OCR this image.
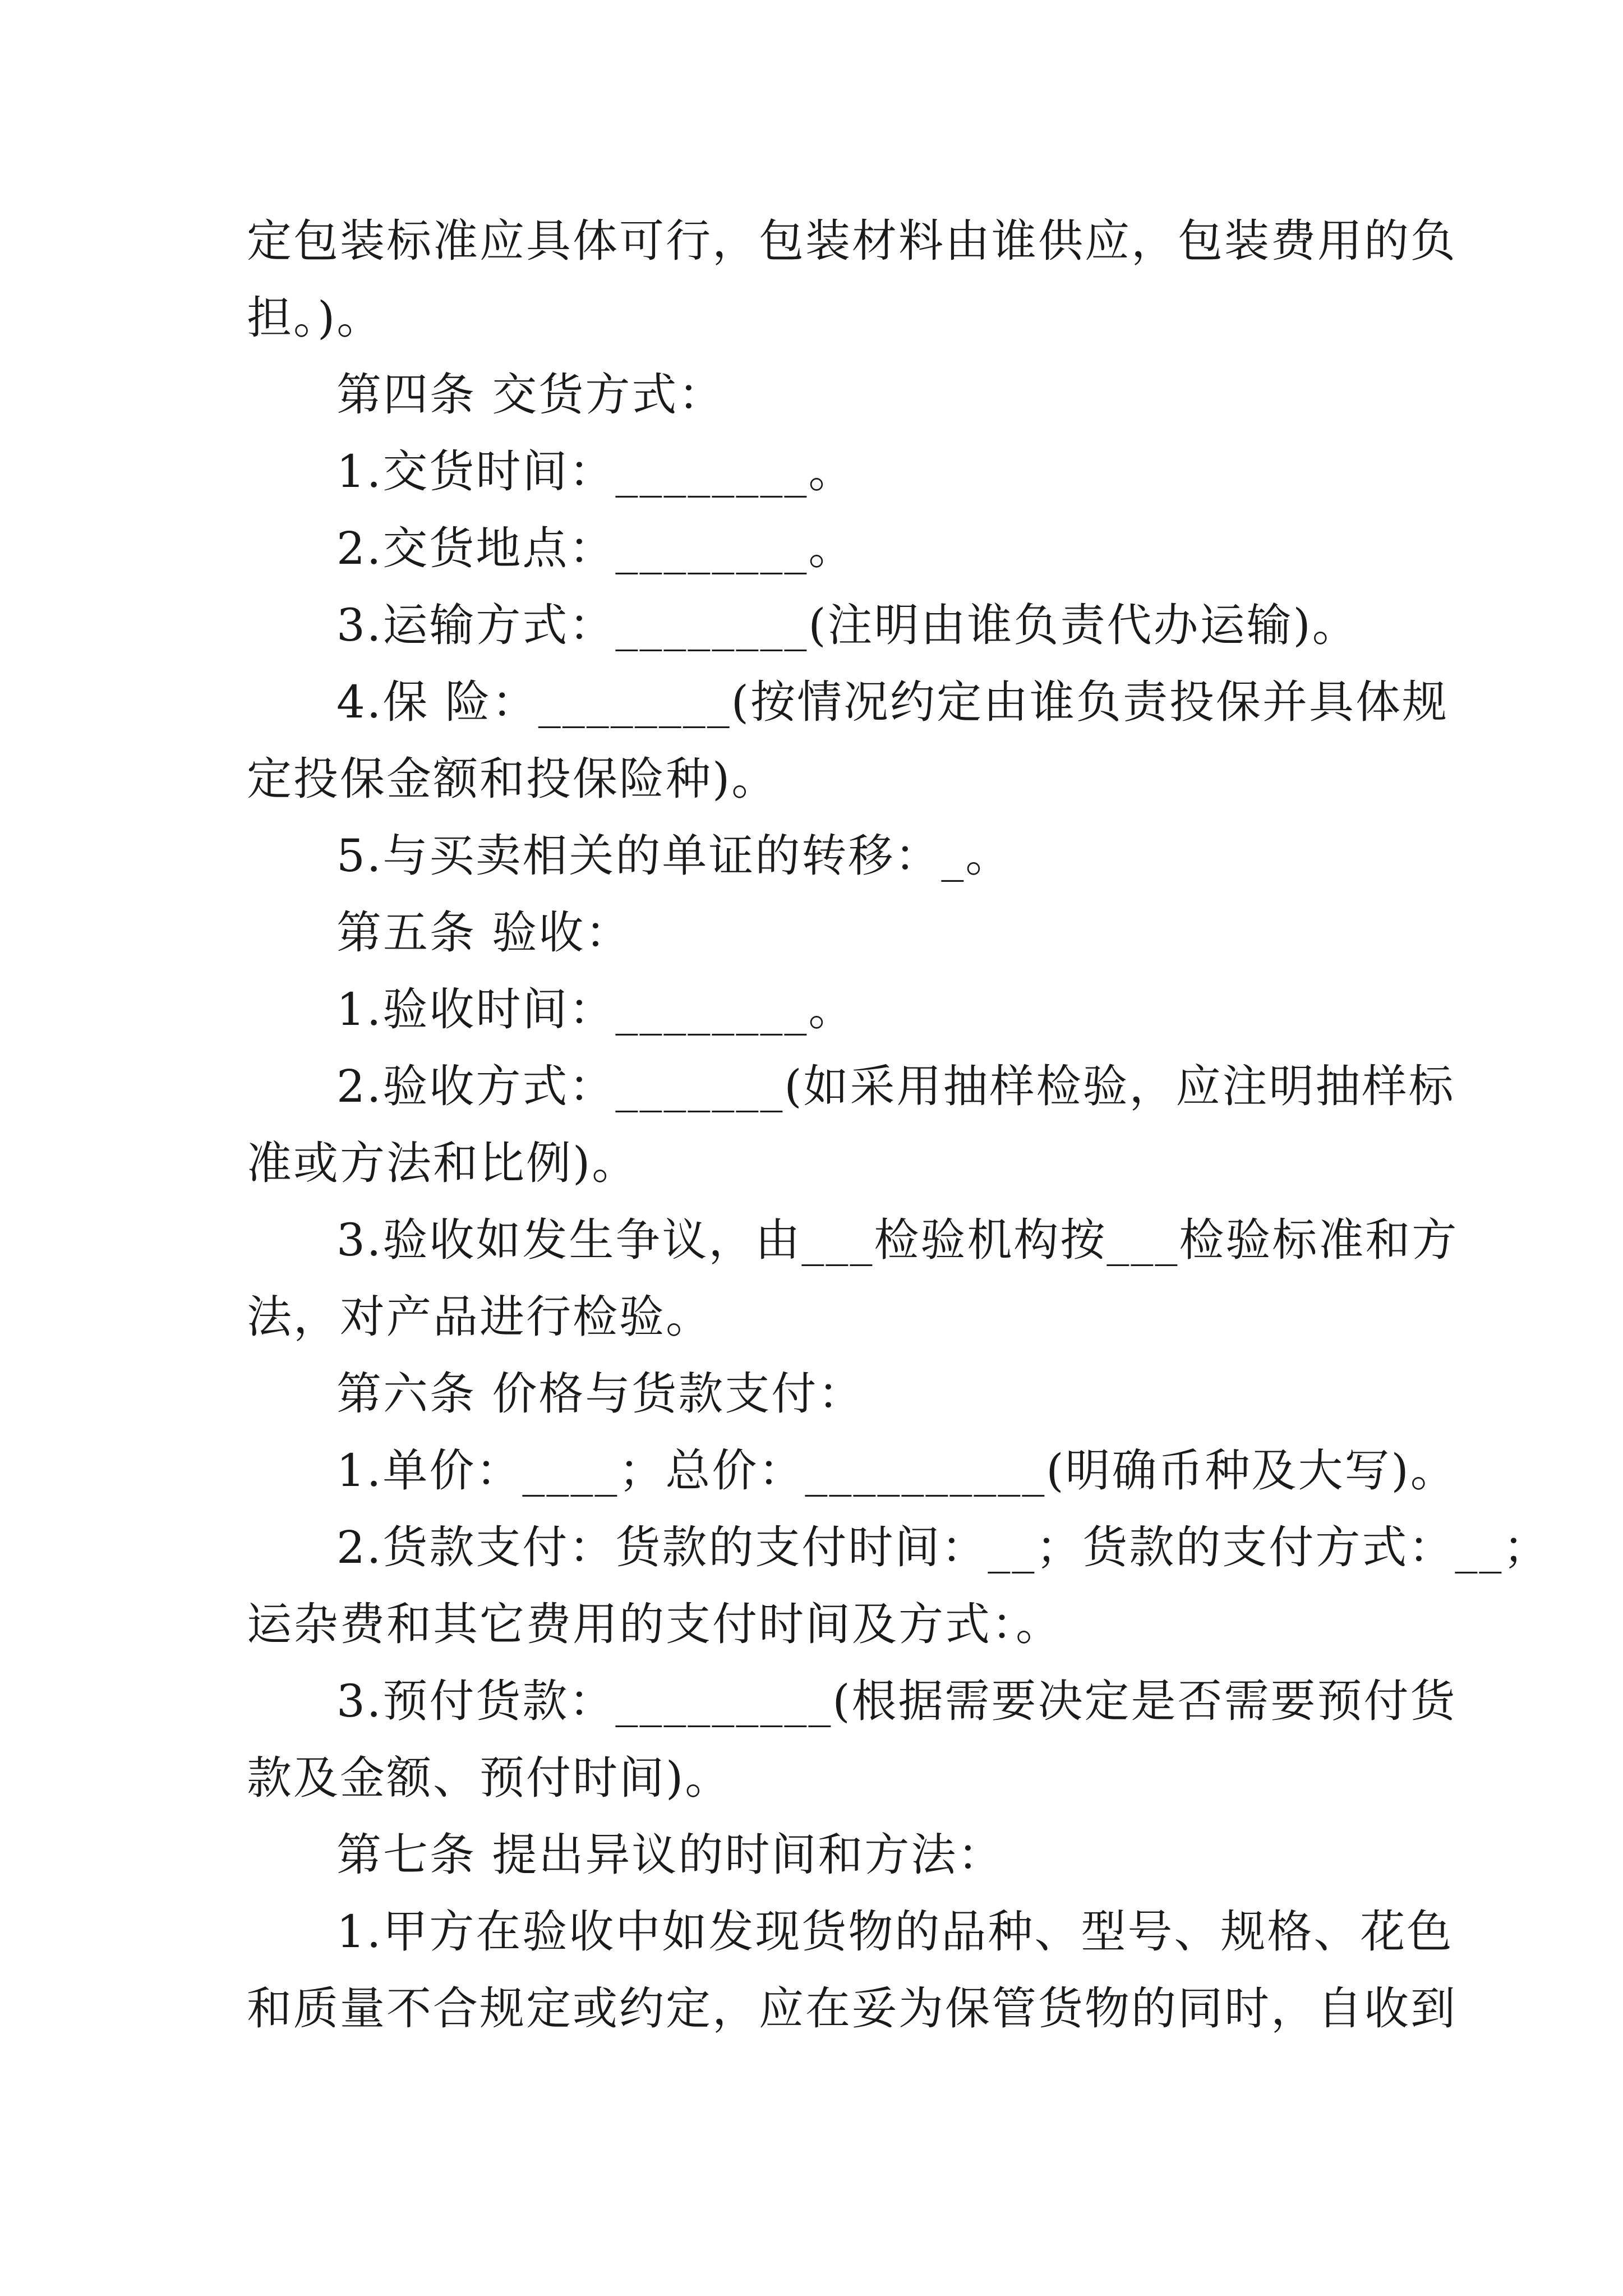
定包装标准应具体可行，包装材料由谁供应，包装费用的负
担。)。
第四条 交货方式：
1.交货时间：________。
2.交货地点：________。
3.运输方式：________(注明由谁负责代办运输)。
4.保 险：________(按情况约定由谁负责投保并具体规
定投保金额和投保险种)。
5.与买卖相关的单证的转移：_。
第五条 验收：
1.验收时间：________。
2.验收方式：_______(如采用抽样检验，应注明抽样标
准或方法和比例)。
3.验收如发生争议，由___检验机构按___检验标准和方
法，对产品进行检验。
第六条 价格与货款支付：
1.单价：____；总价：__________(明确币种及大写)。
2.货款支付：货款的支付时间：__；货款的支付方式：__；
运杂费和其它费用的支付时间及方式：。
3.预付货款：_________(根据需要决定是否需要预付货
款及金额、预付时间)。
第七条 提出异议的时间和方法：
1.甲方在验收中如发现货物的品种、型号、规格、花色
和质量不合规定或约定，应在妥为保管货物的同时，自收到
